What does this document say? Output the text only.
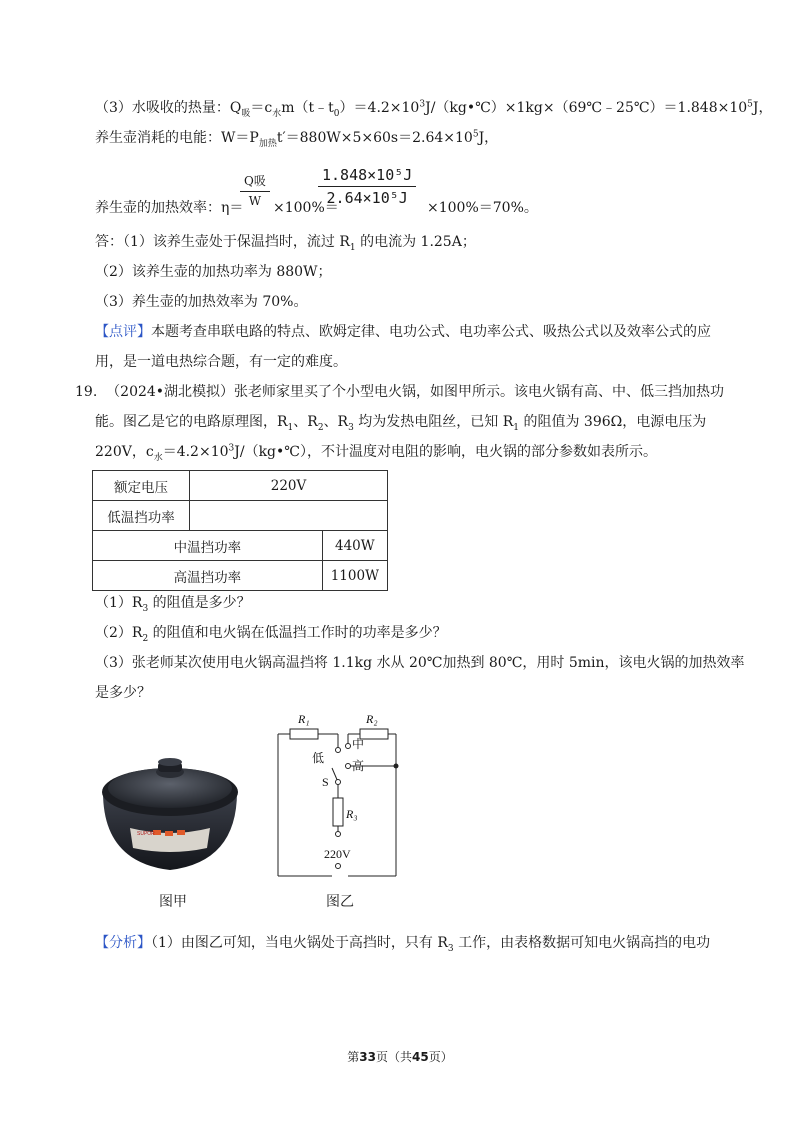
（3）水吸收的热量：$Q_吸=c_水m(t﹣t_0)=4.2\times 10^3J/(kg•℃)\times 1kg\times(69℃﹣25℃)=1.848\times 10^5J$，
养生壶消耗的电能：$W=P_{加热}t'=880W\times 5\times 60s=2.64\times 10^5J$，
养生壶的加热效率：η＝
Q吸
W ×100%＝
1.848×10⁵J
2.64×10⁵J
×100%＝70%。
答：（1）该养生壶处于保温挡时，流过 $R_1$ 的电流为 1.25A；
（2）该养生壶的加热功率为 880W；
（3）养生壶的加热效率为 70%。
【点评】本题考查串联电路的特点、欧姆定律、电功公式、电功率公式、吸热公式以及效率公式的应
用，是一道电热综合题，有一定的难度。
19. （2024•湖北模拟）张老师家里买了个小型电火锅，如图甲所示。该电火锅有高、中、低三挡加热功
能。图乙是它的电路原理图，$R_1$、$R_2$、$R_3$ 均为发热电阻丝，已知 $R_1$ 的阻值为 396Ω，电源电压为
220V，$c_水=4.2\times 10^3J/(kg•℃)$，不计温度对电阻的影响，电火锅的部分参数如表所示。
额定电压	220V	
低温挡功率		
中温挡功率		440W
高温挡功率		1100W
$(1)R_3$ 的阻值是多少？
$(2)R_2$ 的阻值和电火锅在低温挡工作时的功率是多少？
（3）张老师某次使用电火锅高温挡将 1.1kg 水从 20℃加热到 80℃，用时 5min，该电火锅的加热效率
是多少？
SUPOR
图甲
R₁	R₂
低
中
高
S
R₃
220V
图乙
【分析】（1）由图乙可知，当电火锅处于高挡时，只有 $R_3$ 工作，由表格数据可知电火锅高挡的电功
第33页（共45页）
